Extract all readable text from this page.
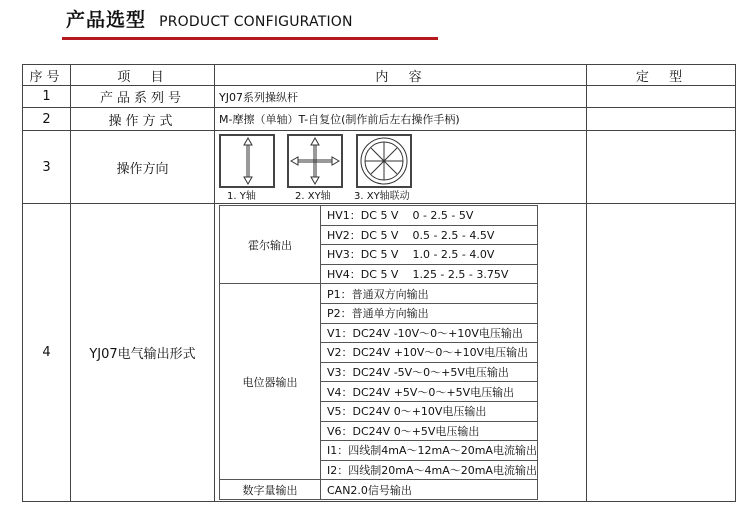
产品选型 PRODUCT CONFIGURATION
序号	项  目	内  容	定  型
1	产品系列号	YJ07系列操纵杆	
2	操作方式	M-摩擦（单轴）T-自复位(制作前后左右操作手柄)	
3	操作方向	
1. Y轴	2. XY轴 3. XY轴联动

4	YJ07电气输出形式	
霍尔输出	HV1：DC 5 V    0 - 2.5 - 5V
HV2：DC 5 V    0.5 - 2.5 - 4.5V
HV3：DC 5 V    1.0 - 2.5 - 4.0V
HV4：DC 5 V    1.25 - 2.5 - 3.75V
电位器输出	P1：普通双方向输出
P2：普通单方向输出
V1：DC24V -10V～0～+10V电压输出
V2：DC24V +10V～0～+10V电压输出
V3：DC24V -5V～0～+5V电压输出
V4：DC24V +5V～0～+5V电压输出
V5：DC24V 0～+10V电压输出
V6：DC24V 0～+5V电压输出
I1：四线制4mA～12mA～20mA电流输出
I2：四线制20mA～4mA～20mA电流输出
数字量输出	CAN2.0信号输出
